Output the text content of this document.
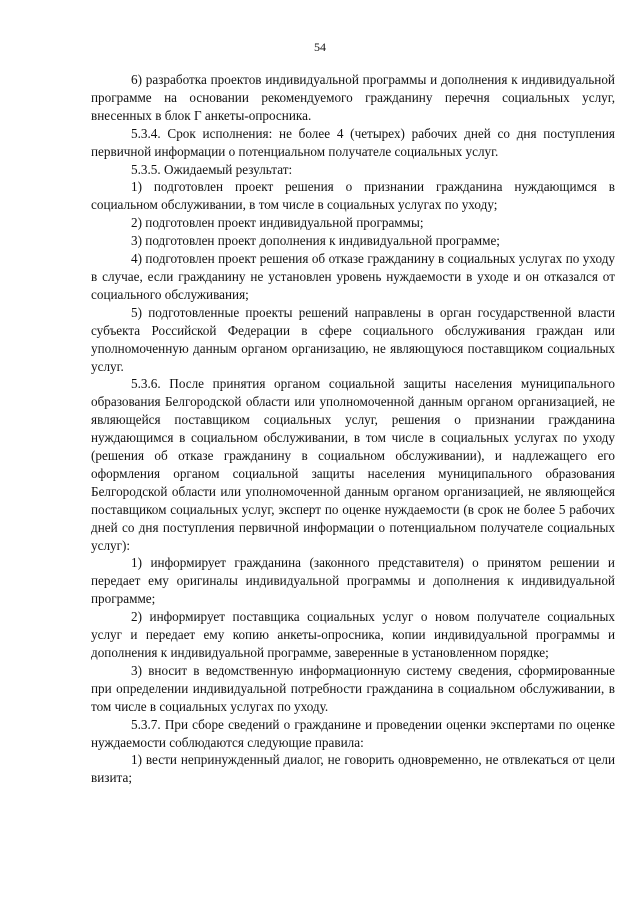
54

6) разработка проектов индивидуальной программы и дополнения к индивидуальной программе на основании рекомендуемого гражданину перечня социальных услуг, внесенных в блок Г анкеты-опросника.

5.3.4. Срок исполнения: не более 4 (четырех) рабочих дней со дня поступления первичной информации о потенциальном получателе социальных услуг.

5.3.5. Ожидаемый результат:

1) подготовлен проект решения о признании гражданина нуждающимся в социальном обслуживании, в том числе в социальных услугах по уходу;

2) подготовлен проект индивидуальной программы;

3) подготовлен проект дополнения к индивидуальной программе;

4) подготовлен проект решения об отказе гражданину в социальных услугах по уходу в случае, если гражданину не установлен уровень нуждаемости в уходе и он отказался от социального обслуживания;

5) подготовленные проекты решений направлены в орган государственной власти субъекта Российской Федерации в сфере социального обслуживания граждан или уполномоченную данным органом организацию, не являющуюся поставщиком социальных услуг.

5.3.6. После принятия органом социальной защиты населения муниципального образования Белгородской области или уполномоченной данным органом организацией, не являющейся поставщиком социальных услуг, решения о признании гражданина нуждающимся в социальном обслуживании, в том числе в социальных услугах по уходу (решения об отказе гражданину в социальном обслуживании), и надлежащего его оформления органом социальной защиты населения муниципального образования Белгородской области или уполномоченной данным органом организацией, не являющейся поставщиком социальных услуг, эксперт по оценке нуждаемости (в срок не более 5 рабочих дней со дня поступления первичной информации о потенциальном получателе социальных услуг):

1) информирует гражданина (законного представителя) о принятом решении и передает ему оригиналы индивидуальной программы и дополнения к индивидуальной программе;

2) информирует поставщика социальных услуг о новом получателе социальных услуг и передает ему копию анкеты-опросника, копии индивидуальной программы и дополнения к индивидуальной программе, заверенные в установленном порядке;

3) вносит в ведомственную информационную систему сведения, сформированные при определении индивидуальной потребности гражданина в социальном обслуживании, в том числе в социальных услугах по уходу.

5.3.7. При сборе сведений о гражданине и проведении оценки экспертами по оценке нуждаемости соблюдаются следующие правила:

1) вести непринужденный диалог, не говорить одновременно, не отвлекаться от цели визита;
